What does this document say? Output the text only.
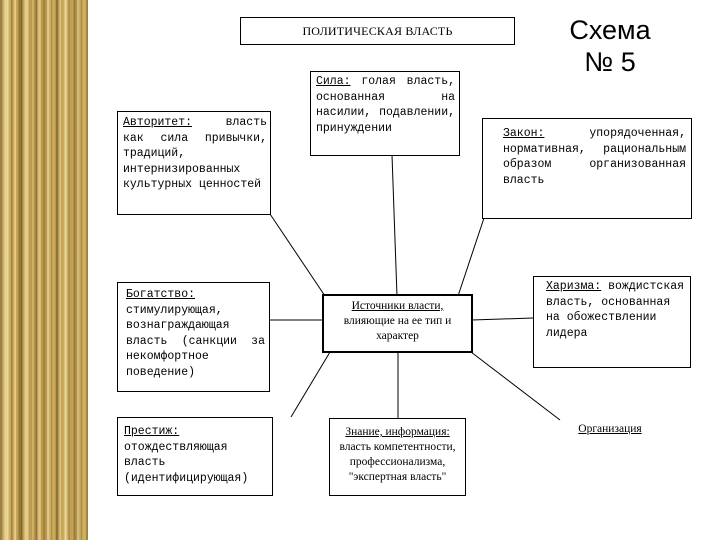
ПОЛИТИЧЕСКАЯ ВЛАСТЬ	Схема
№ 5
Сила: голая власть, основанная на насилии, подавлении, принуждении
Авторитет: власть как сила привычки, традиций, интернизированных культурных ценностей
Закон: упорядоченная, нормативная, рациональным образом организованная власть
Богатство: стимулирующая, вознаграждающая власть (санкции за некомфортное поведение)
Источники власти,
влияющие на ее тип и
характер
Харизма: вождистская власть, основанная на обожествлении лидера
Престиж: отождествляющая власть (идентифицирующая)
Знание, информация: власть компетентности, профессионализма, "экспертная власть"
Организация
